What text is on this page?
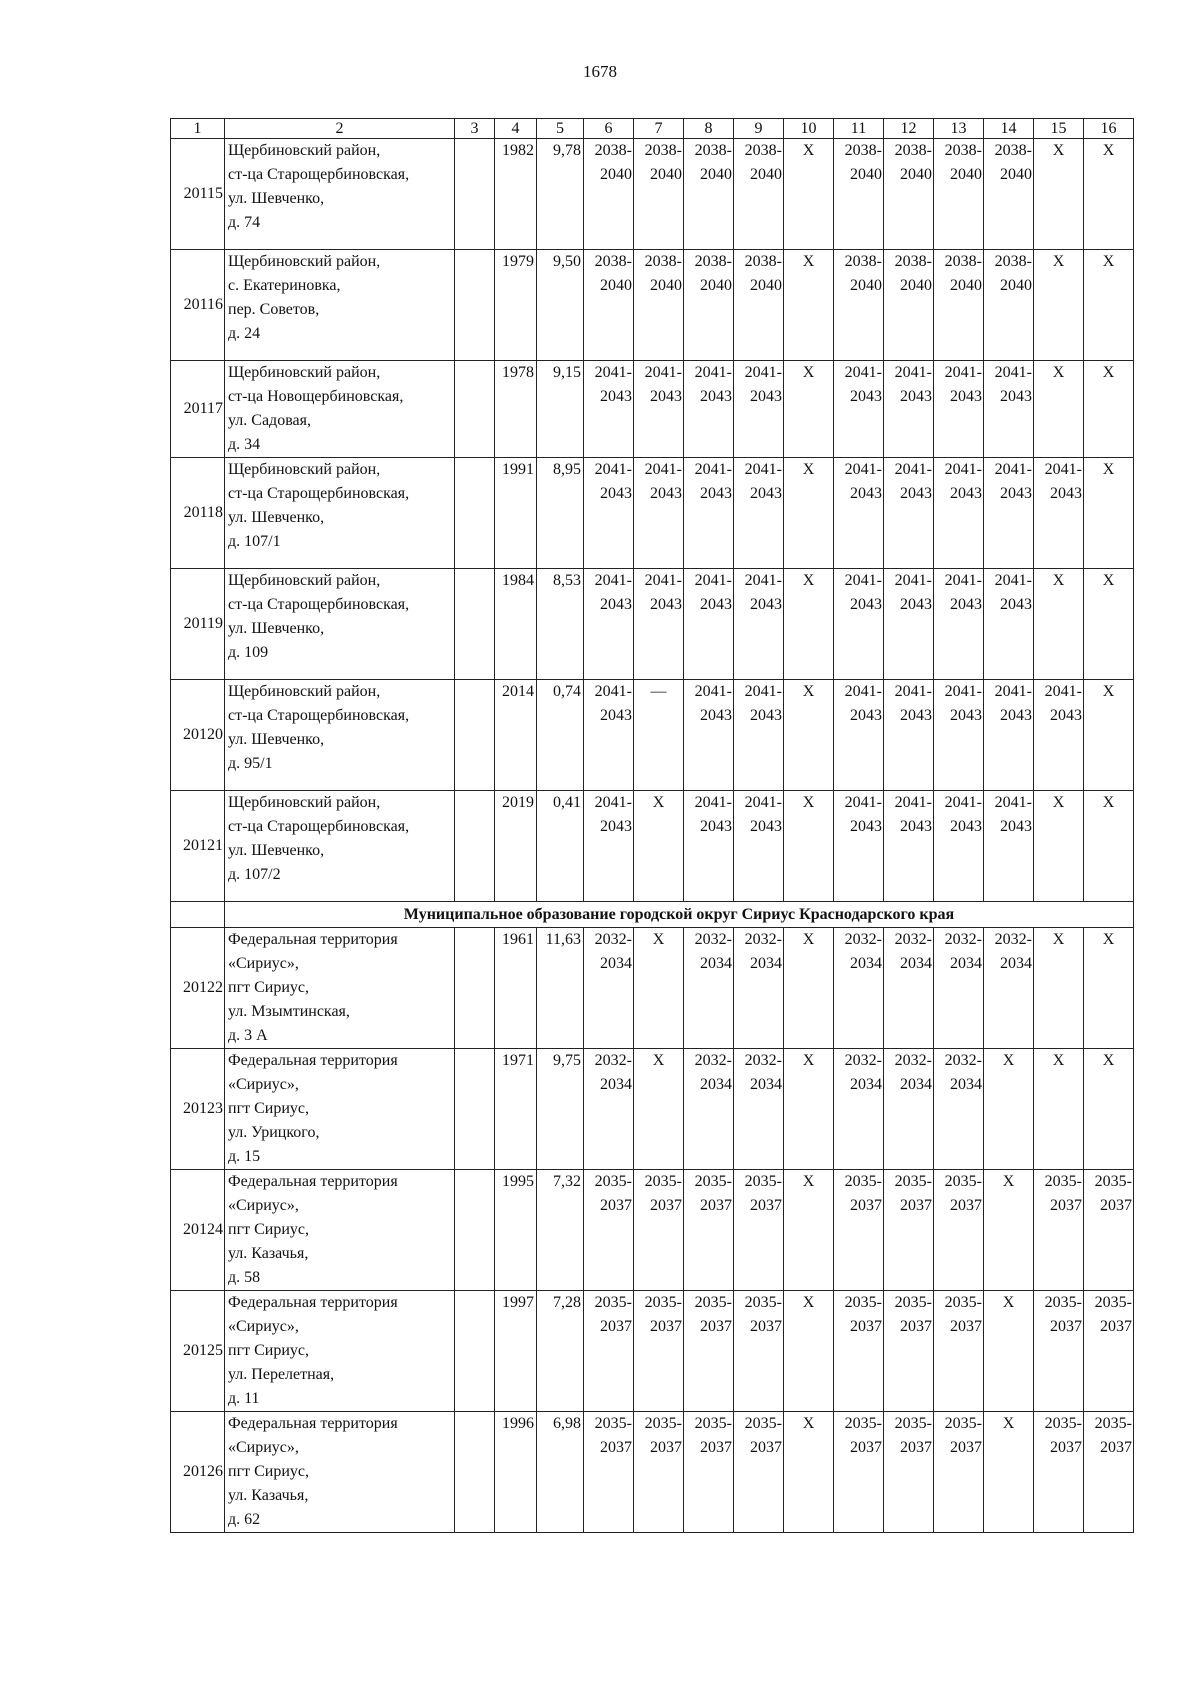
1678
1	2	3	4	5	6	7	8	9	10	11	12	13	14	15	16
20115	Щербиновский район,
ст-ца Старощербиновская,
ул. Шевченко,
д. 74		1982	9,78	2038-
2040	2038-
2040	2038-
2040	2038-
2040	X	2038-
2040	2038-
2040	2038-
2040	2038-
2040	X	X

20116	Щербиновский район,
с. Екатериновка,
пер. Советов,
д. 24		1979	9,50	2038-
2040	2038-
2040	2038-
2040	2038-
2040	X	2038-
2040	2038-
2040	2038-
2040	2038-
2040	X	X

20117	Щербиновский район,
ст-ца Новощербиновская,
ул. Садовая,
д. 34		1978	9,15	2041-
2043	2041-
2043	2041-
2043	2041-
2043	X	2041-
2043	2041-
2043	2041-
2043	2041-
2043	X	X

20118	Щербиновский район,
ст-ца Старощербиновская,
ул. Шевченко,
д. 107/1		1991	8,95	2041-
2043	2041-
2043	2041-
2043	2041-
2043	X	2041-
2043	2041-
2043	2041-
2043	2041-
2043	2041-
2043	X

20119	Щербиновский район,
ст-ца Старощербиновская,
ул. Шевченко,
д. 109		1984	8,53	2041-
2043	2041-
2043	2041-
2043	2041-
2043	X	2041-
2043	2041-
2043	2041-
2043	2041-
2043	X	X

20120	Щербиновский район,
ст-ца Старощербиновская,
ул. Шевченко,
д. 95/1		2014	0,74	2041-
2043	—	2041-
2043	2041-
2043	X	2041-
2043	2041-
2043	2041-
2043	2041-
2043	2041-
2043	X

20121	Щербиновский район,
ст-ца Старощербиновская,
ул. Шевченко,
д. 107/2		2019	0,41	2041-
2043	X	2041-
2043	2041-
2043	X	2041-
2043	2041-
2043	2041-
2043	2041-
2043	X	X

	Муниципальное образование городской округ Сириус Краснодарского края														
20122	Федеральная территория
«Сириус»,
пгт Сириус,
ул. Мзымтинская,
д. 3 А		1961	11,63	2032-
2034	X	2032-
2034	2032-
2034	X	2032-
2034	2032-
2034	2032-
2034	2032-
2034	X	X

20123	Федеральная территория
«Сириус»,
пгт Сириус,
ул. Урицкого,
д. 15		1971	9,75	2032-
2034	X	2032-
2034	2032-
2034	X	2032-
2034	2032-
2034	2032-
2034	X	X	X

20124	Федеральная территория
«Сириус»,
пгт Сириус,
ул. Казачья,
д. 58		1995	7,32	2035-
2037	2035-
2037	2035-
2037	2035-
2037	X	2035-
2037	2035-
2037	2035-
2037	X	2035-
2037	2035-
2037

20125	Федеральная территория
«Сириус»,
пгт Сириус,
ул. Перелетная,
д. 11		1997	7,28	2035-
2037	2035-
2037	2035-
2037	2035-
2037	X	2035-
2037	2035-
2037	2035-
2037	X	2035-
2037	2035-
2037

20126	Федеральная территория
«Сириус»,
пгт Сириус,
ул. Казачья,
д. 62		1996	6,98	2035-
2037	2035-
2037	2035-
2037	2035-
2037	X	2035-
2037	2035-
2037	2035-
2037	X	2035-
2037	2035-
2037
